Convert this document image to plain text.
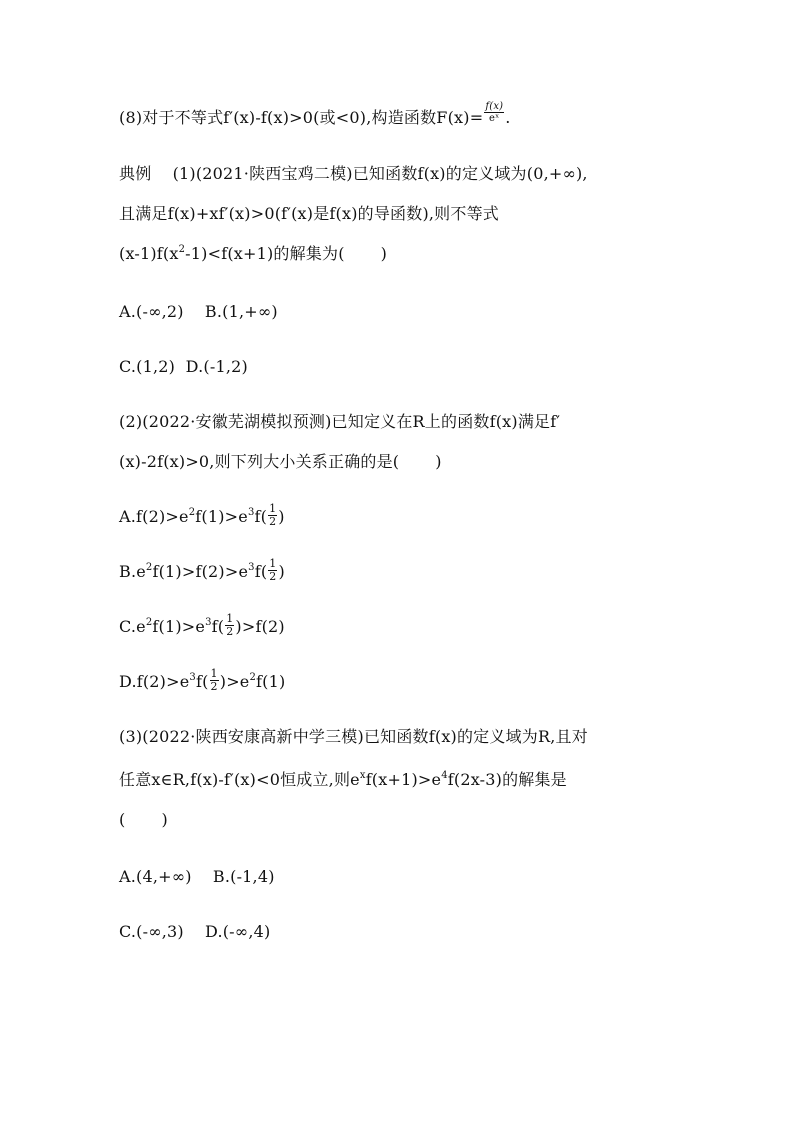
(8)对于不等式f′(x)-f(x)>0(或<0),构造函数$F(x)= \frac{f(x)}{\text{eˣ}}$ .
典例 (1)(2021·陕西宝鸡二模)已知函数f(x)的定义域为(0,+∞),
且满足f(x)+xf′(x)>0(f′(x)是f(x)的导函数),则不等式
$(x-1)f(x^2-1)<f(x+1)$的解集为( )
A.(-∞,2) B.(1,+∞)
C.(1,2) D.(-1,2)
(2)(2022·安徽芜湖模拟预测)已知定义在R上的函数f(x)满足f′
(x)-2f(x)>0,则下列大小关系正确的是( )
$A.f(2)>e^2f(1)>e^3f( \frac{1}{2}$ )
$B.e^2f(1)>f(2)>e^3f( \frac{1}{2}$ )
$C.e^2f(1)>e^3f( \frac{1}{2} )>f(2)$
$D.f(2)>e^3f( \frac{1}{2} )>e^2f(1)$
(3)(2022·陕西安康高新中学三模)已知函数f(x)的定义域为R,且对
任意x∈R,f(x)-f′(x)<0恒成立,则$e^xf(x+1)>e^4f(2x-3)$的解集是
( )
A.(4,+∞) B.(-1,4)
C.(-∞,3) D.(-∞,4)
